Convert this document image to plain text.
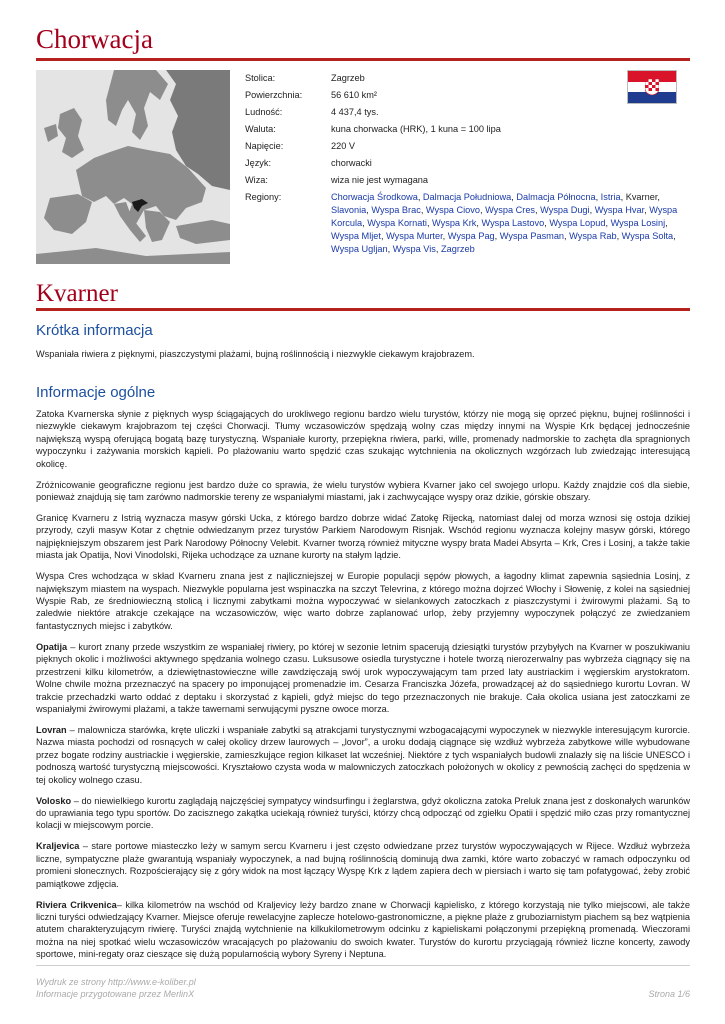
Chorwacja
Stolica:	Zagrzeb
Powierzchnia:	56 610 km²
Ludność:	4 437,4 tys.
Waluta:	kuna chorwacka (HRK), 1 kuna = 100 lipa
Napięcie:	220 V
Język:	chorwacki
Wiza:	wiza nie jest wymagana
Regiony:	Chorwacja Środkowa, Dalmacja Południowa, Dalmacja Północna, Istria, Kvarner, Slavonia, Wyspa Brac, Wyspa Ciovo, Wyspa Cres, Wyspa Dugi, Wyspa Hvar, Wyspa Korcula, Wyspa Kornati, Wyspa Krk, Wyspa Lastovo, Wyspa Lopud, Wyspa Losinj, Wyspa Mljet, Wyspa Murter, Wyspa Pag, Wyspa Pasman, Wyspa Rab, Wyspa Solta, Wyspa Ugljan, Wyspa Vis, Zagrzeb
Kvarner
Krótka informacja

Wspaniała riwiera z pięknymi, piaszczystymi plażami, bujną roślinnością i niezwykle ciekawym krajobrazem.

Informacje ogólne

Zatoka Kvarnerska słynie z pięknych wysp ściągających do urokliwego regionu bardzo wielu turystów, którzy nie mogą się oprzeć pięknu, bujnej roślinności i niezwykle ciekawym krajobrazom tej części Chorwacji. Tłumy wczasowiczów spędzają wolny czas między innymi na Wyspie Krk będącej jednocześnie największą wyspą oferującą bogatą bazę turystyczną. Wspaniałe kurorty, przepiękna riwiera, parki, wille, promenady nadmorskie to zachęta dla spragnionych wypoczynku i zażywania morskich kąpieli. Po plażowaniu warto spędzić czas szukając wytchnienia na okolicznych wzgórzach lub zwiedzając interesującą okolicę.

Zróżnicowanie geograficzne regionu jest bardzo duże co sprawia, że wielu turystów wybiera Kvarner jako cel swojego urlopu. Każdy znajdzie coś dla siebie, ponieważ znajdują się tam zarówno nadmorskie tereny ze wspaniałymi miastami, jak i zachwycające wyspy oraz dzikie, górskie obszary.

Granicę Kvarneru z Istrią wyznacza masyw górski Ucka, z którego bardzo dobrze widać Zatokę Rijecką, natomiast dalej od morza wznosi się ostoja dzikiej przyrody, czyli masyw Kotar z chętnie odwiedzanym przez turystów Parkiem Narodowym Risnjak. Wschód regionu wyznacza kolejny masyw górski, którego najpiękniejszym obszarem jest Park Narodowy Północny Velebit. Kvarner tworzą również mityczne wyspy brata Madei Absyrta – Krk, Cres i Losinj, a także takie miasta jak Opatija, Novi Vinodolski, Rijeka uchodzące za uznane kurorty na stałym lądzie.

Wyspa Cres wchodząca w skład Kvarneru znana jest z najliczniejszej w Europie populacji sępów płowych, a łagodny klimat zapewnia sąsiednia Losinj, z największym miastem na wyspach. Niezwykle popularna jest wspinaczka na szczyt Televrina, z którego można dojrzeć Włochy i Słowenię, z kolei na sąsiedniej Wyspie Rab, ze średniowieczną stolicą i licznymi zabytkami można wypoczywać w sielankowych zatoczkach z piaszczystymi i żwirowymi plażami. Są to zaledwie niektóre atrakcje czekające na wczasowiczów, więc warto dobrze zaplanować urlop, żeby przyjemny wypoczynek połączyć ze zwiedzaniem fantastycznych miejsc i zabytków.

Opatija – kurort znany przede wszystkim ze wspaniałej riwiery, po której w sezonie letnim spacerują dziesiątki turystów przybyłych na Kvarner w poszukiwaniu pięknych okolic i możliwości aktywnego spędzania wolnego czasu. Luksusowe osiedla turystyczne i hotele tworzą nierozerwalny pas wybrzeża ciągnący się na przestrzeni kilku kilometrów, a dziewiętnastowieczne wille zawdzięczają swój urok wypoczywającym tam przed laty austriackim i węgierskim arystokratom. Wolne chwile można przeznaczyć na spacery po imponującej promenadzie im. Cesarza Franciszka Józefa, prowadzącej aż do sąsiedniego kurortu Lovran. W trakcie przechadzki warto oddać z deptaku i skorzystać z kąpieli, gdyż miejsc do tego przeznaczonych nie brakuje. Cała okolica usiana jest zatoczkami ze wspaniałymi żwirowymi plażami, a także tawernami serwującymi pyszne owoce morza.

Lovran – malownicza starówka, kręte uliczki i wspaniałe zabytki są atrakcjami turystycznymi wzbogacającymi wypoczynek w niezwykle interesującym kurorcie. Nazwa miasta pochodzi od rosnących w całej okolicy drzew laurowych – „lovor”, a uroku dodają ciągnące się wzdłuż wybrzeża zabytkowe wille wybudowane przez bogate rodziny austriackie i węgierskie, zamieszkujące region kilkaset lat wcześniej. Niektóre z tych wspaniałych budowli znalazły się na liście UNESCO i podnoszą wartość turystyczną miejscowości. Kryształowo czysta woda w malowniczych zatoczkach położonych w okolicy z pewnością zachęci do spędzenia w tej okolicy wolnego czasu.

Volosko – do niewielkiego kurortu zaglądają najczęściej sympatycy windsurfingu i żeglarstwa, gdyż okoliczna zatoka Preluk znana jest z doskonałych warunków do uprawiania tego typu sportów. Do zacisznego zakątka uciekają również turyści, którzy chcą odpocząć od zgiełku Opatii i spędzić miło czas przy romantycznej kolacji w miejscowym porcie.

Kraljevica – stare portowe miasteczko leży w samym sercu Kvarneru i jest często odwiedzane przez turystów wypoczywających w Rijece. Wzdłuż wybrzeża liczne, sympatyczne plaże gwarantują wspaniały wypoczynek, a nad bujną roślinnością dominują dwa zamki, które warto zobaczyć w ramach odpoczynku od promieni słonecznych. Rozpościerający się z góry widok na most łączący Wyspę Krk z lądem zapiera dech w piersiach i warto się tam pofatygować, żeby zrobić pamiątkowe zdjęcia.

Riviera Crikvenica– kilka kilometrów na wschód od Kraljevicy leży bardzo znane w Chorwacji kąpielisko, z którego korzystają nie tylko miejscowi, ale także liczni turyści odwiedzający Kvarner. Miejsce oferuje rewelacyjne zaplecze hotelowo-gastronomiczne, a piękne plaże z gruboziarnistym piachem są bez wątpienia atutem charakteryzującym riwierę. Turyści znajdą wytchnienie na kilkukilometrowym odcinku z kąpieliskami połączonymi przepiękną promenadą. Wieczorami można na niej spotkać wielu wczasowiczów wracających po plażowaniu do swoich kwater. Turystów do kurortu przyciągają również liczne koncerty, zawody sportowe, mini-regaty oraz cieszące się dużą popularnością wybory Syreny i Neptuna.

Wydruk ze strony http://www.e-koliber.pl
Informacje przygotowane przez MerlinX	Strona 1/6
